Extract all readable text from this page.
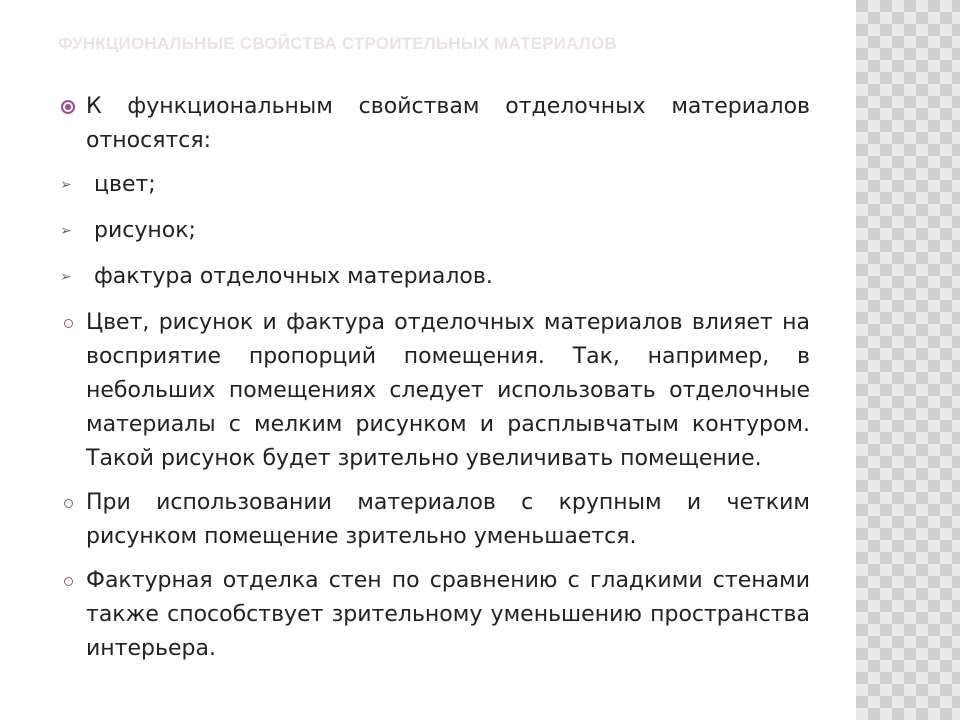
ФУНКЦИОНАЛЬНЫЕ СВОЙСТВА СТРОИТЕЛЬНЫХ МАТЕРИАЛОВ
К функциональным свойствам отделочных материалов относятся:
➢ цвет;
➢ рисунок;
➢ фактура отделочных материалов.
Цвет, рисунок и фактура отделочных материалов влияет на восприятие пропорций помещения. Так, например, в небольших помещениях следует использовать отделочные материалы с мелким рисунком и расплывчатым контуром. Такой рисунок будет зрительно увеличивать помещение.
При использовании материалов с крупным и четким рисунком помещение зрительно уменьшается.
Фактурная отделка стен по сравнению с гладкими стенами также способствует зрительному уменьшению пространства интерьера.
